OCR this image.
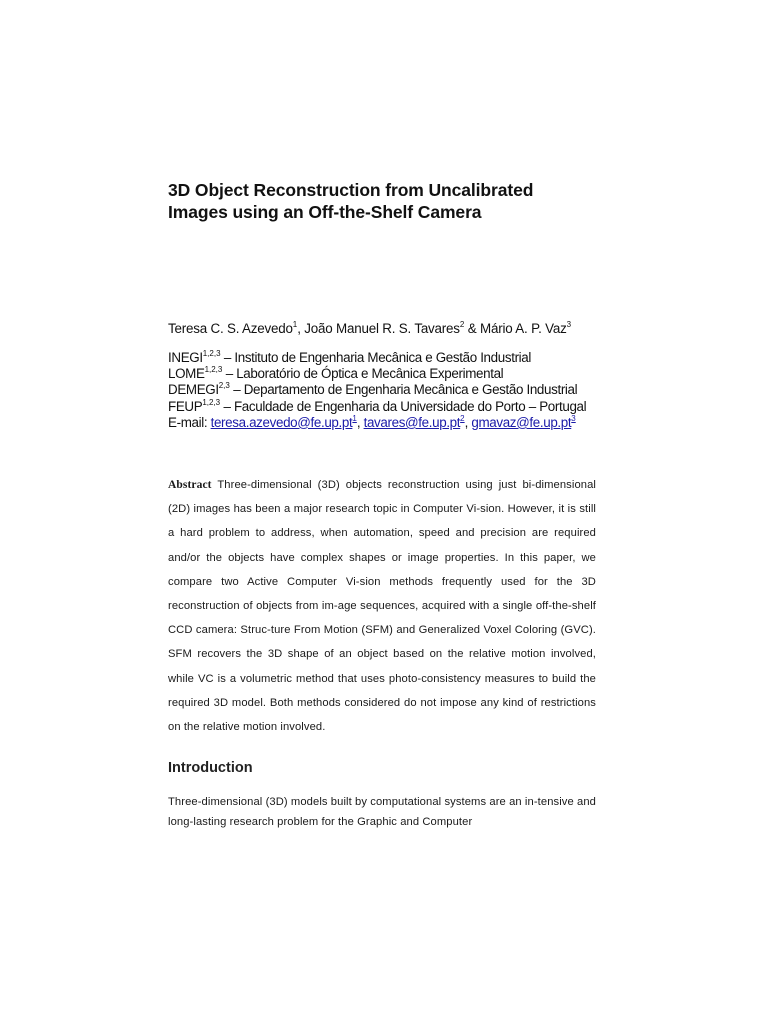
3D Object Reconstruction from Uncalibrated
Images using an Off-the-Shelf Camera
Teresa C. S. Azevedo$^1$, João Manuel R. S. Tavares$^2$ & Mário A. P. Vaz$^3$
INEGI$^{1,2,3}$ – Instituto de Engenharia Mecânica e Gestão Industrial
LOME$^{1,2,3}$ – Laboratório de Óptica e Mecânica Experimental
DEMEGI$^{2,3}$ – Departamento de Engenharia Mecânica e Gestão Industrial
FEUP$^{1,2,3}$ – Faculdade de Engenharia da Universidade do Porto – Portugal
E-mail: $teresa.azevedo@fe.up.pt^1$, $tavares@fe.up.pt^2$, $gmavaz@fe.up.pt^3$
Abstract Three-dimensional (3D) objects reconstruction using just bi-dimensional (2D) images has been a major research topic in Computer Vi-sion. However, it is still a hard problem to address, when automation, speed and precision are required and/or the objects have complex shapes or image properties. In this paper, we compare two Active Computer Vi-sion methods frequently used for the 3D reconstruction of objects from im-age sequences, acquired with a single off-the-shelf CCD camera: Struc-ture From Motion (SFM) and Generalized Voxel Coloring (GVC). SFM recovers the 3D shape of an object based on the relative motion involved, while VC is a volumetric method that uses photo-consistency measures to build the required 3D model. Both methods considered do not impose any kind of restrictions on the relative motion involved.
Introduction
Three-dimensional (3D) models built by computational systems are an in-tensive and long-lasting research problem for the Graphic and Computer
